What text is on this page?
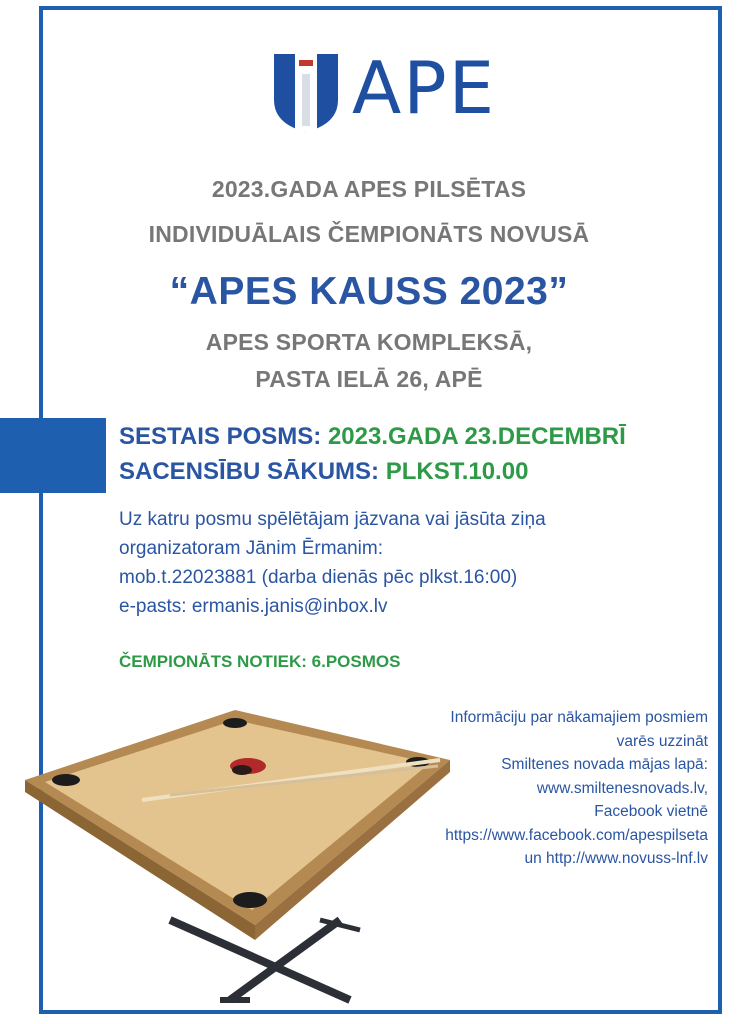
APE
2023.GADA APES PILSĒTAS
INDIVIDUĀLAIS ČEMPIONĀTS NOVUSĀ
“APES KAUSS 2023”
APES SPORTA KOMPLEKSĀ,
PASTA IELĀ 26, APĒ
SESTAIS POSMS: 2023.GADA 23.DECEMBRĪ
SACENSĪBU SĀKUMS: PLKST.10.00
Uz katru posmu spēlētājam jāzvana vai jāsūta ziņa
organizatoram Jānim Ērmanim:
mob.t.22023881 (darba dienās pēc plkst.16:00)
e-pasts: ermanis.janis@inbox.lv
ČEMPIONĀTS NOTIEK: 6.POSMOS
Informāciju par nākamajiem posmiem
varēs uzzināt
Smiltenes novada mājas lapā:
www.smiltenesnovads.lv,
Facebook vietnē
https://www.facebook.com/apespilseta
un http://www.novuss-lnf.lv
